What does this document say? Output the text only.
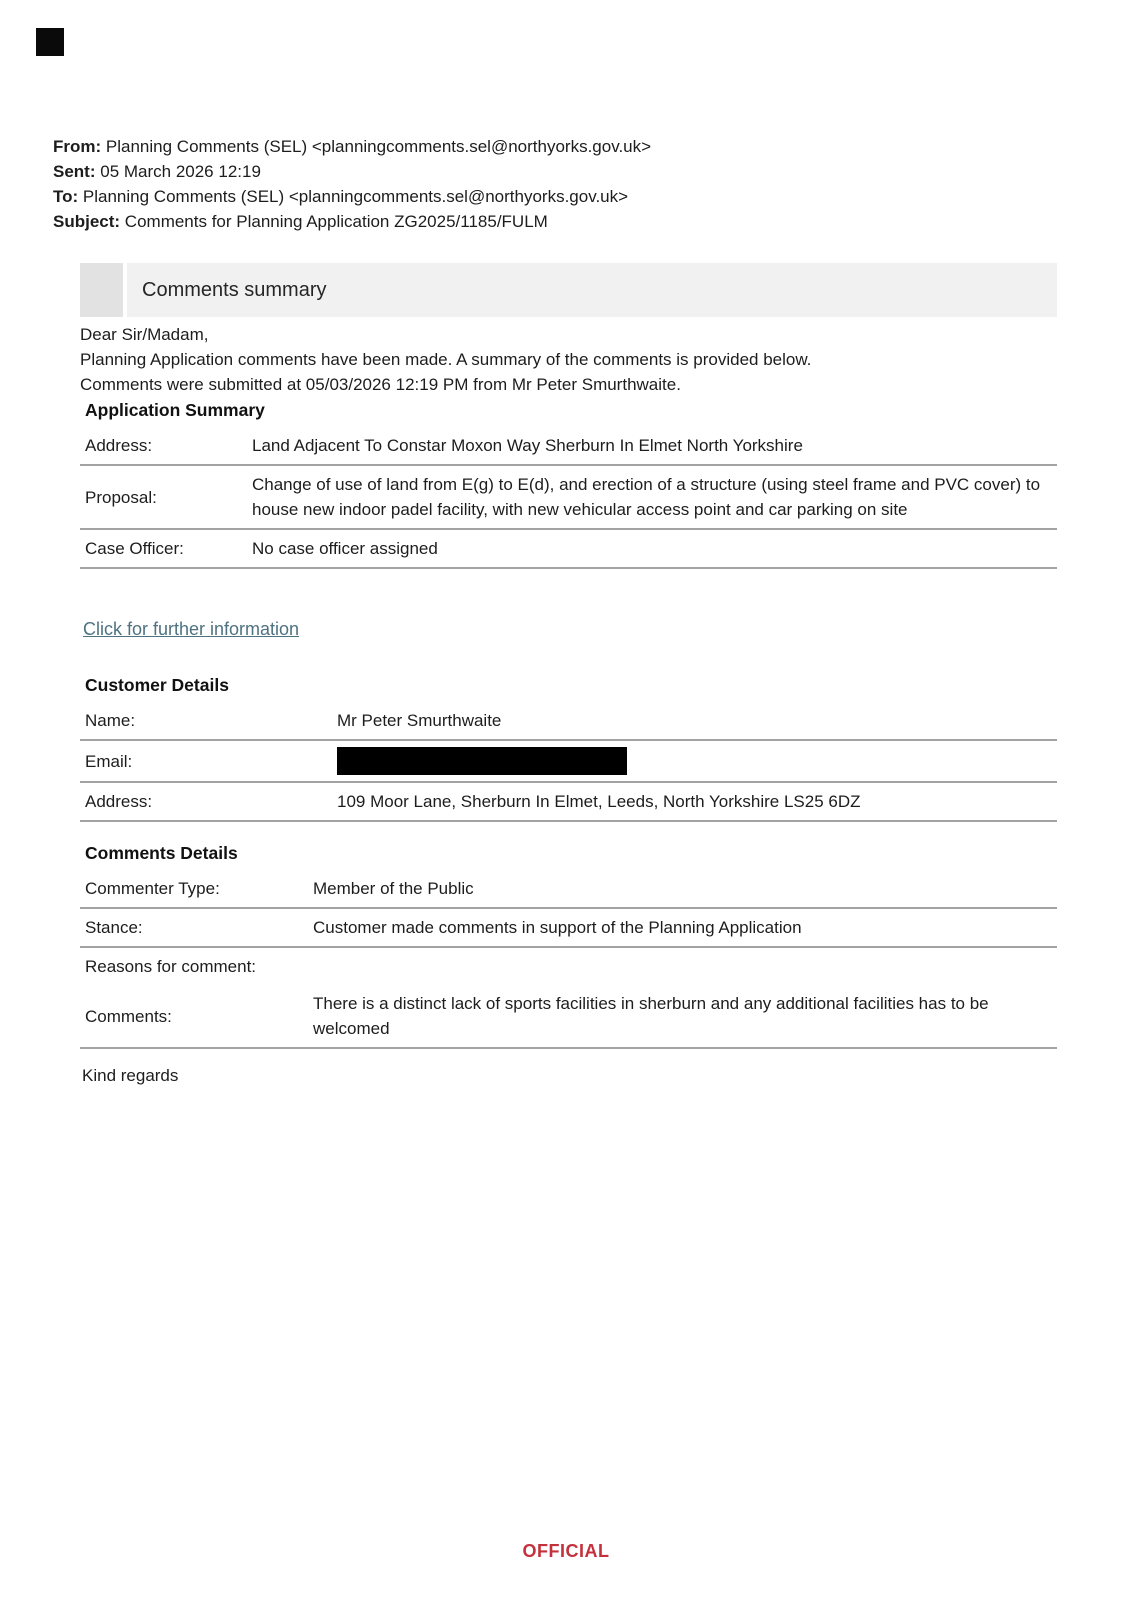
From: Planning Comments (SEL) <planningcomments.sel@northyorks.gov.uk>
Sent: 05 March 2026 12:19
To: Planning Comments (SEL) <planningcomments.sel@northyorks.gov.uk>
Subject: Comments for Planning Application ZG2025/1185/FULM
Comments summary
Dear Sir/Madam,
Planning Application comments have been made. A summary of the comments is provided below.
Comments were submitted at 05/03/2026 12:19 PM from Mr Peter Smurthwaite.
Application Summary
Address:	Land Adjacent To Constar Moxon Way Sherburn In Elmet North Yorkshire
Proposal:	Change of use of land from E(g) to E(d), and erection of a structure (using steel frame and PVC cover) to house new indoor padel facility, with new vehicular access point and car parking on site
Case Officer:	No case officer assigned
Click for further information
Customer Details
Name:	Mr Peter Smurthwaite
Email:	

Address:	109 Moor Lane, Sherburn In Elmet, Leeds, North Yorkshire LS25 6DZ
Comments Details
Commenter Type:	Member of the Public
Stance:	Customer made comments in support of the Planning Application
Reasons for comment:	
Comments:	There is a distinct lack of sports facilities in sherburn and any additional facilities has to be welcomed
Kind regards
OFFICIAL
